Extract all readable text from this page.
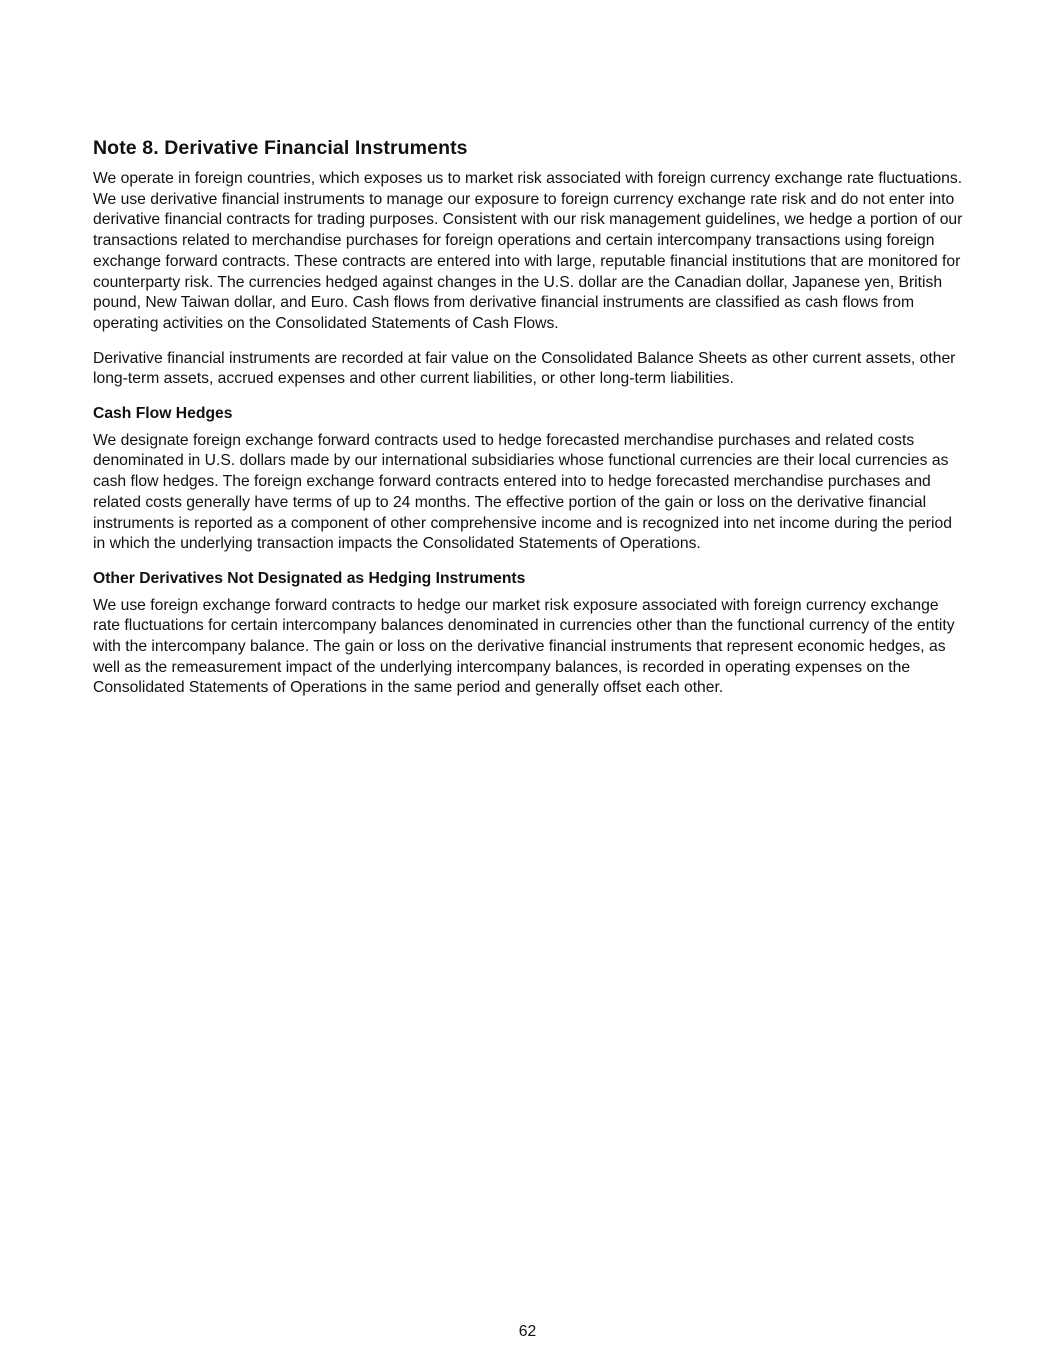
Note 8. Derivative Financial Instruments

We operate in foreign countries, which exposes us to market risk associated with foreign currency exchange rate fluctuations. We use derivative financial instruments to manage our exposure to foreign currency exchange rate risk and do not enter into derivative financial contracts for trading purposes. Consistent with our risk management guidelines, we hedge a portion of our transactions related to merchandise purchases for foreign operations and certain intercompany transactions using foreign exchange forward contracts. These contracts are entered into with large, reputable financial institutions that are monitored for counterparty risk. The currencies hedged against changes in the U.S. dollar are the Canadian dollar, Japanese yen, British pound, New Taiwan dollar, and Euro. Cash flows from derivative financial instruments are classified as cash flows from operating activities on the Consolidated Statements of Cash Flows.

Derivative financial instruments are recorded at fair value on the Consolidated Balance Sheets as other current assets, other long-term assets, accrued expenses and other current liabilities, or other long-term liabilities.

Cash Flow Hedges

We designate foreign exchange forward contracts used to hedge forecasted merchandise purchases and related costs denominated in U.S. dollars made by our international subsidiaries whose functional currencies are their local currencies as cash flow hedges. The foreign exchange forward contracts entered into to hedge forecasted merchandise purchases and related costs generally have terms of up to 24 months. The effective portion of the gain or loss on the derivative financial instruments is reported as a component of other comprehensive income and is recognized into net income during the period in which the underlying transaction impacts the Consolidated Statements of Operations.

Other Derivatives Not Designated as Hedging Instruments

We use foreign exchange forward contracts to hedge our market risk exposure associated with foreign currency exchange rate fluctuations for certain intercompany balances denominated in currencies other than the functional currency of the entity with the intercompany balance. The gain or loss on the derivative financial instruments that represent economic hedges, as well as the remeasurement impact of the underlying intercompany balances, is recorded in operating expenses on the Consolidated Statements of Operations in the same period and generally offset each other.

62
